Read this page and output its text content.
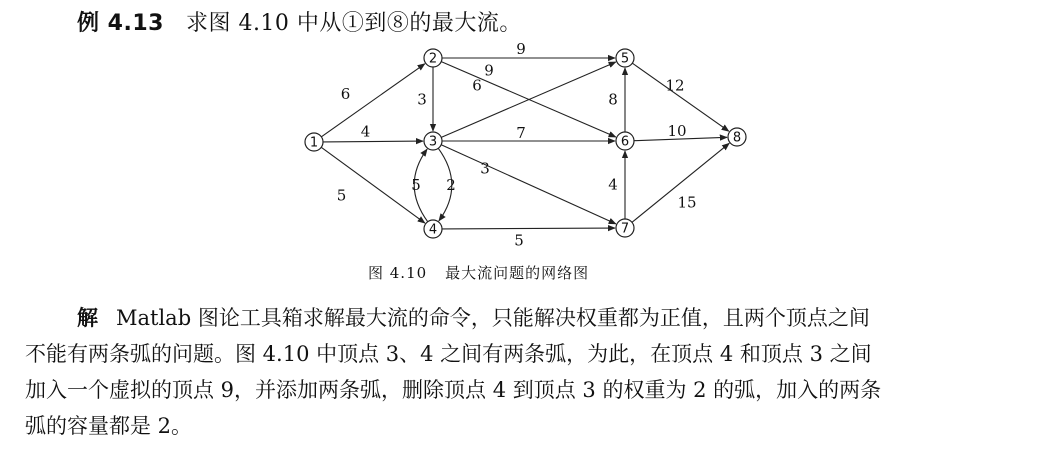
例 4.13 求图 4.10 中从①到⑧的最大流。
6
4
5
3
9
9
6
7
3
5 2
5
12
8
10
4
15
1
2
3
4
5
6
7
8
图 4.10 最大流问题的网络图
解 Matlab 图论工具箱求解最大流的命令，只能解决权重都为正值，且两个顶点之间
不能有两条弧的问题。图 4.10 中顶点 3、4 之间有两条弧，为此，在顶点 4 和顶点 3 之间
加入一个虚拟的顶点 9，并添加两条弧，删除顶点 4 到顶点 3 的权重为 2 的弧，加入的两条
弧的容量都是 2。
